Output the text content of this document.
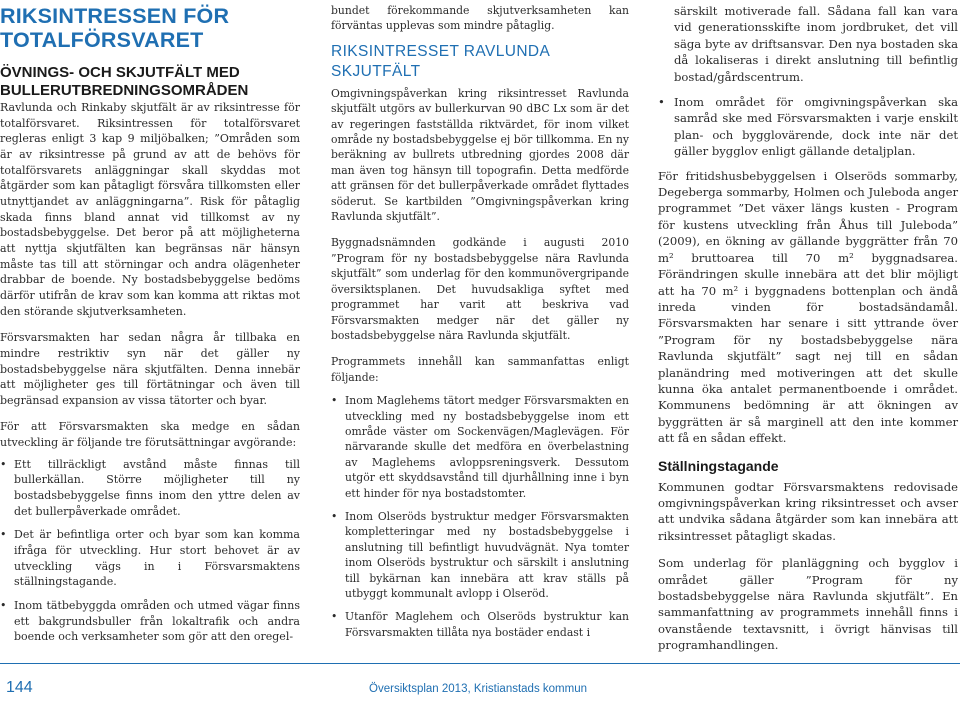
RIKSINTRESSEN FÖR TOTALFÖRSVARET
ÖVNINGS- OCH SKJUTFÄLT MED BULLERUTBREDNINGSOMRÅDEN

Ravlunda och Rinkaby skjutfält är av riksintresse för totalförsvaret. Riksintressen för totalförsvaret regleras enligt 3 kap 9 miljöbalken; ”Områden som är av riksintresse på grund av att de behövs för totalförsvarets anläggningar skall skyddas mot åtgärder som kan påtagligt försvåra tillkomsten eller utnyttjandet av anläggningarna”. Risk för påtaglig skada finns bland annat vid tillkomst av ny bostadsbebyggelse. Det beror på att möjligheterna att nyttja skjutfälten kan begränsas när hänsyn måste tas till att störningar och andra olägenheter drabbar de boende. Ny bostadsbebyggelse bedöms därför utifrån de krav som kan komma att riktas mot den störande skjutverksamheten.

Försvarsmakten har sedan några år tillbaka en mindre restriktiv syn när det gäller ny bostadsbebyggelse nära skjutfälten. Denna innebär att möjligheter ges till förtätningar och även till begränsad expansion av vissa tätorter och byar.

För att Försvarsmakten ska medge en sådan utveckling är följande tre förutsättningar avgörande:

• Ett tillräckligt avstånd måste finnas till bullerkällan. Större möjligheter till ny bostadsbebyggelse finns inom den yttre delen av det bullerpåverkade området.
• Det är befintliga orter och byar som kan komma ifråga för utveckling. Hur stort behovet är av utveckling vägs in i Försvarsmaktens ställningstagande.
• Inom tätbebyggda områden och utmed vägar finns ett bakgrundsbuller från lokaltrafik och andra boende och verksamheter som gör att den oregel-

bundet förekommande skjutverksamheten kan förväntas upplevas som mindre påtaglig.

RIKSINTRESSET RAVLUNDA SKJUTFÄLT

Omgivningspåverkan kring riksintresset Ravlunda skjutfält utgörs av bullerkurvan 90 dBC Lx som är det av regeringen fastställda riktvärdet, för inom vilket område ny bostadsbebyggelse ej bör tillkomma. En ny beräkning av bullrets utbredning gjordes 2008 där man även tog hänsyn till topografin. Detta medförde att gränsen för det bullerpåverkade området flyttades söderut. Se kartbilden ”Omgivningspåverkan kring Ravlunda skjutfält”.

Byggnadsnämnden godkände i augusti 2010 ”Program för ny bostadsbebyggelse nära Ravlunda skjutfält” som underlag för den kommunövergripande översiktsplanen. Det huvudsakliga syftet med programmet har varit att beskriva vad Försvarsmakten medger när det gäller ny bostadsbebyggelse nära Ravlunda skjutfält.

Programmets innehåll kan sammanfattas enligt följande:

• Inom Maglehems tätort medger Försvarsmakten en utveckling med ny bostadsbebyggelse inom ett område väster om Sockenvägen/Maglevägen. För närvarande skulle det medföra en överbelastning av Maglehems avloppsreningsverk. Dessutom utgör ett skyddsavstånd till djurhållning inne i byn ett hinder för nya bostadstomter.
• Inom Olseröds bystruktur medger Försvarsmakten kompletteringar med ny bostadsbebyggelse i anslutning till befintligt huvudvägnät. Nya tomter inom Olseröds bystruktur och särskilt i anslutning till bykärnan kan innebära att krav ställs på utbyggt kommunalt avlopp i Olseröd.
• Utanför Maglehem och Olseröds bystruktur kan Försvarsmakten tillåta nya bostäder endast i

särskilt motiverade fall. Sådana fall kan vara vid generationsskifte inom jordbruket, det vill säga byte av driftsansvar. Den nya bostaden ska då lokaliseras i direkt anslutning till befintlig bostad/gårdscentrum.

• Inom området för omgivningspåverkan ska samråd ske med Försvarsmakten i varje enskilt plan- och bygglovärende, dock inte när det gäller bygglov enligt gällande detaljplan.

För fritidshusbebyggelsen i Olseröds sommarby, Degeberga sommarby, Holmen och Juleboda anger programmet ”Det växer längs kusten - Program för kustens utveckling från Åhus till Juleboda” (2009), en ökning av gällande byggrätter från 70 m² bruttoarea till 70 m² byggnadsarea. Förändringen skulle innebära att det blir möjligt att ha 70 m² i byggnadens bottenplan och ändå inreda vinden för bostadsändamål. Försvarsmakten har senare i sitt yttrande över ”Program för ny bostadsbebyggelse nära Ravlunda skjutfält” sagt nej till en sådan planändring med motiveringen att det skulle kunna öka antalet permanentboende i området. Kommunens bedömning är att ökningen av byggrätten är så marginell att den inte kommer att få en sådan effekt.

Ställningstagande

Kommunen godtar Försvarsmaktens redovisade omgivningspåverkan kring riksintresset och avser att undvika sådana åtgärder som kan innebära att riksintresset påtagligt skadas.

Som underlag för planläggning och bygglov i området gäller ”Program för ny bostadsbebyggelse nära Ravlunda skjutfält”. En sammanfattning av programmets innehåll finns i ovanstående textavsnitt, i övrigt hänvisas till programhandlingen.

144	Översiktsplan 2013, Kristianstads kommun
